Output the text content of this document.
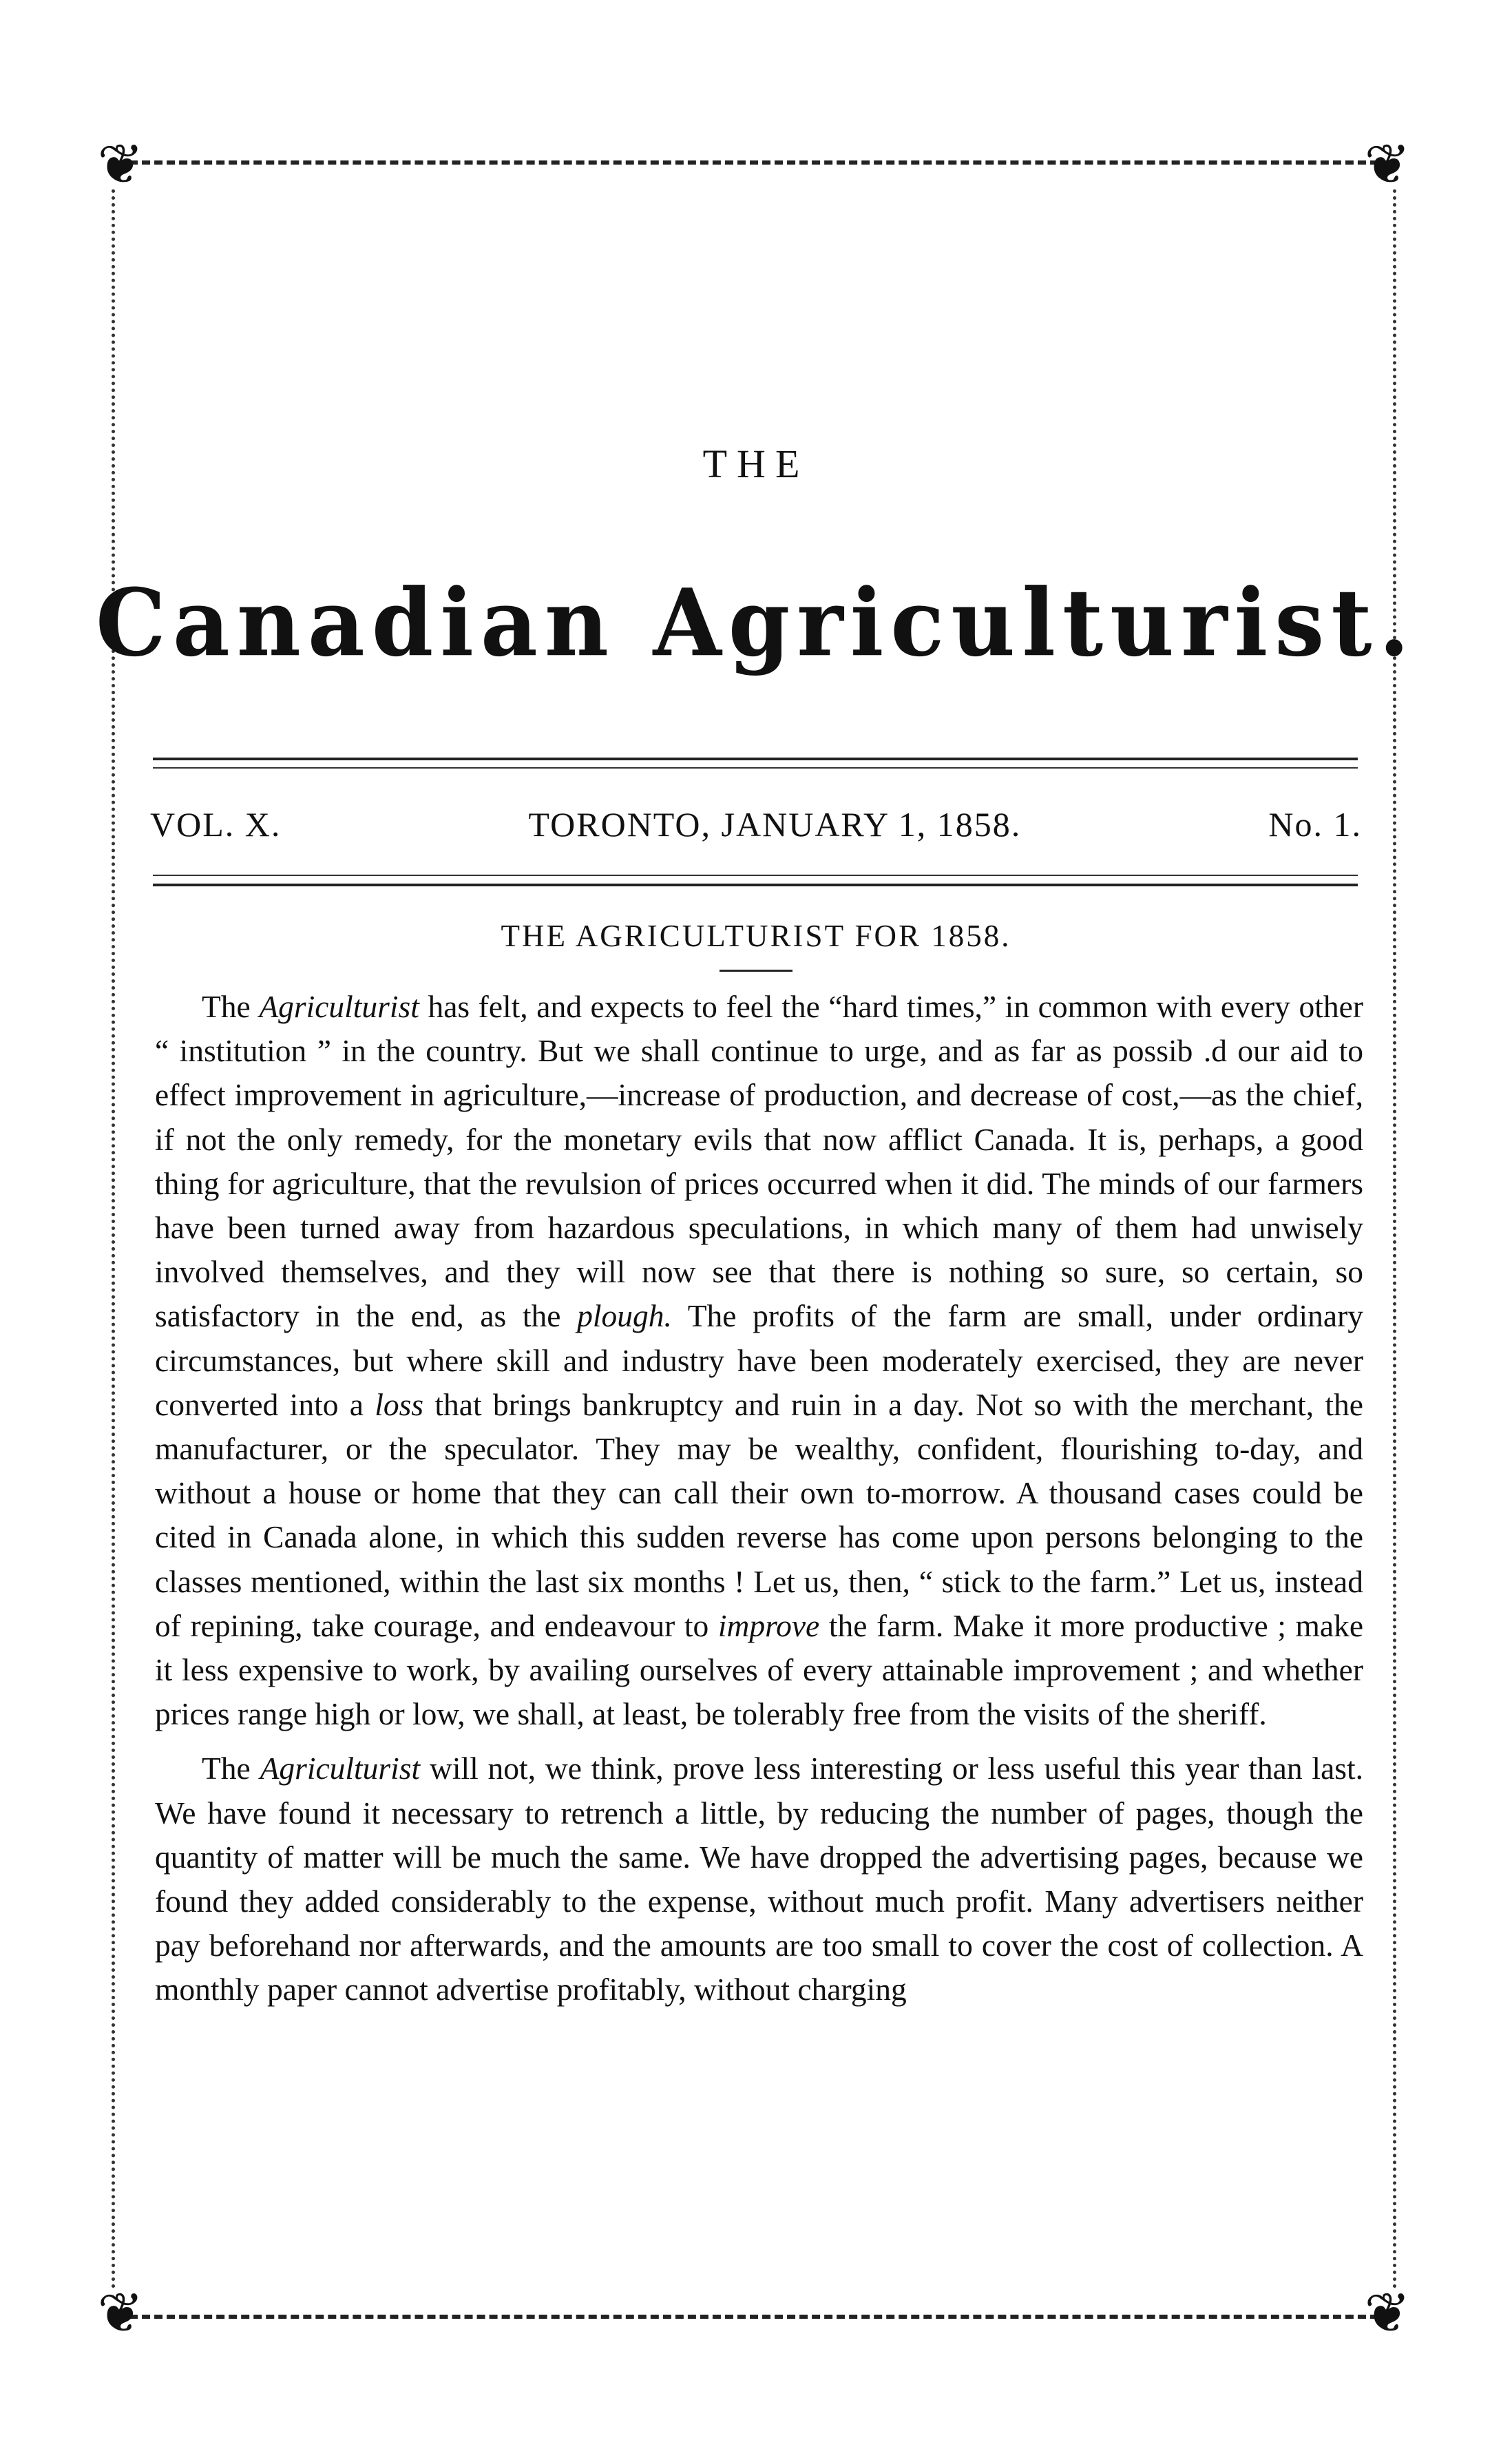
❦	❦
❦	❦
THE
Canadian Agriculturist.
VOL. X.	TORONTO, JANUARY 1, 1858.	No. 1.
THE AGRICULTURIST FOR 1858.

The Agriculturist has felt, and expects to feel the “hard times,” in common with every other “ institution ” in the country. But we shall continue to urge, and as far as possib .d our aid to effect improvement in agriculture,—increase of production, and decrease of cost,—as the chief, if not the only remedy, for the monetary evils that now afflict Canada. It is, perhaps, a good thing for agriculture, that the revulsion of prices occurred when it did. The minds of our farmers have been turned away from hazardous speculations, in which many of them had unwisely involved themselves, and they will now see that there is nothing so sure, so certain, so satisfactory in the end, as the plough. The profits of the farm are small, under ordinary circumstances, but where skill and industry have been moderately exercised, they are never converted into a loss that brings bankruptcy and ruin in a day. Not so with the merchant, the manufacturer, or the speculator. They may be wealthy, confident, flourishing to-day, and without a house or home that they can call their own to-morrow. A thousand cases could be cited in Canada alone, in which this sudden reverse has come upon persons belonging to the classes mentioned, within the last six months ! Let us, then, “ stick to the farm.” Let us, instead of repining, take courage, and endeavour to improve the farm. Make it more productive ; make it less expensive to work, by availing ourselves of every attainable improvement ; and whether prices range high or low, we shall, at least, be tolerably free from the visits of the sheriff.

The Agriculturist will not, we think, prove less interesting or less useful this year than last. We have found it necessary to retrench a little, by reducing the number of pages, though the quantity of matter will be much the same. We have dropped the advertising pages, because we found they added considerably to the expense, without much profit. Many advertisers neither pay beforehand nor afterwards, and the amounts are too small to cover the cost of collection. A monthly paper cannot advertise profitably, without charging
